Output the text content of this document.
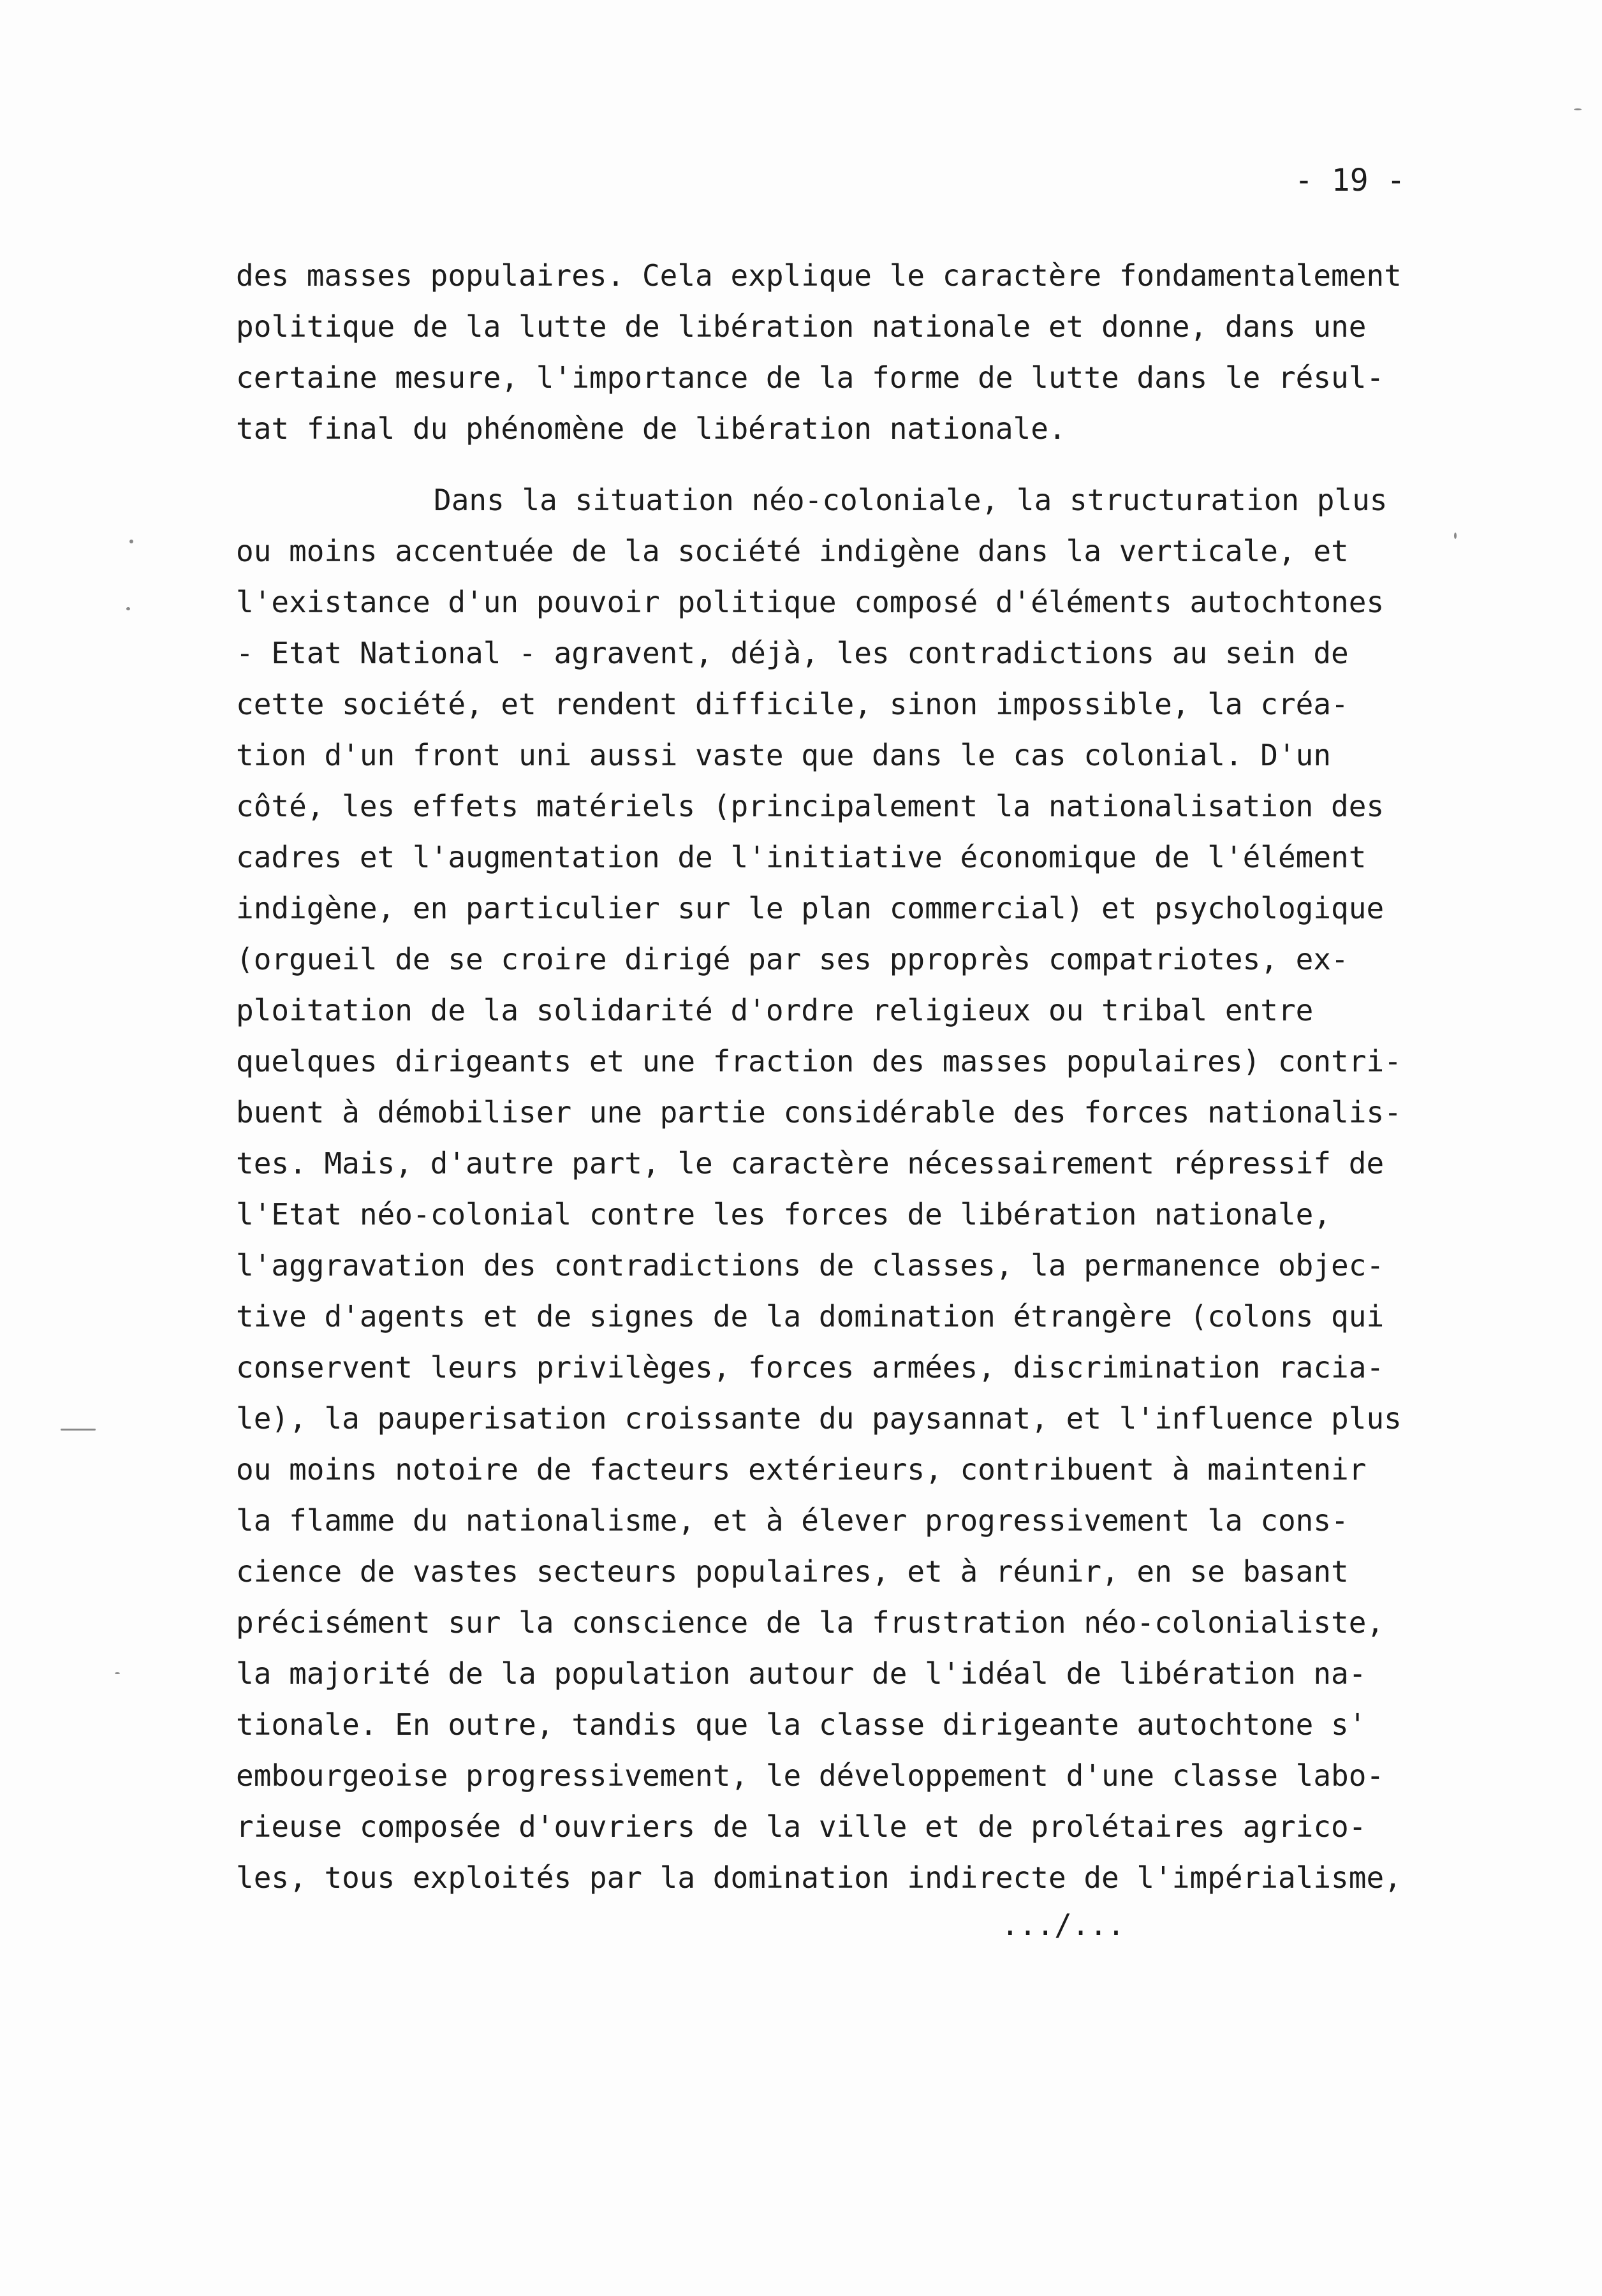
- 19 -
des masses populaires. Cela explique le caractère fondamentalement
politique de la lutte de libération nationale et donne, dans une
certaine mesure, l'importance de la forme de lutte dans le résul-
tat final du phénomène de libération nationale.
Dans la situation néo-coloniale, la structuration plus
ou moins accentuée de la société indigène dans la verticale, et
l'existance d'un pouvoir politique composé d'éléments autochtones
- Etat National - agravent, déjà, les contradictions au sein de
cette société, et rendent difficile, sinon impossible, la créa-
tion d'un front uni aussi vaste que dans le cas colonial. D'un
côté, les effets matériels (principalement la nationalisation des
cadres et l'augmentation de l'initiative économique de l'élément
indigène, en particulier sur le plan commercial) et psychologique
(orgueil de se croire dirigé par ses pproprès compatriotes, ex-
ploitation de la solidarité d'ordre religieux ou tribal entre
quelques dirigeants et une fraction des masses populaires) contri-
buent à démobiliser une partie considérable des forces nationalis-
tes. Mais, d'autre part, le caractère nécessairement répressif de
l'Etat néo-colonial contre les forces de libération nationale,
l'aggravation des contradictions de classes, la permanence objec-
tive d'agents et de signes de la domination étrangère (colons qui
conservent leurs privilèges, forces armées, discrimination racia-
le), la pauperisation croissante du paysannat, et l'influence plus
ou moins notoire de facteurs extérieurs, contribuent à maintenir
la flamme du nationalisme, et à élever progressivement la cons-
cience de vastes secteurs populaires, et à réunir, en se basant
précisément sur la conscience de la frustration néo-colonialiste,
la majorité de la population autour de l'idéal de libération na-
tionale. En outre, tandis que la classe dirigeante autochtone s'
embourgeoise progressivement, le développement d'une classe labo-
rieuse composée d'ouvriers de la ville et de prolétaires agrico-
les, tous exploités par la domination indirecte de l'impérialisme,
.../...
